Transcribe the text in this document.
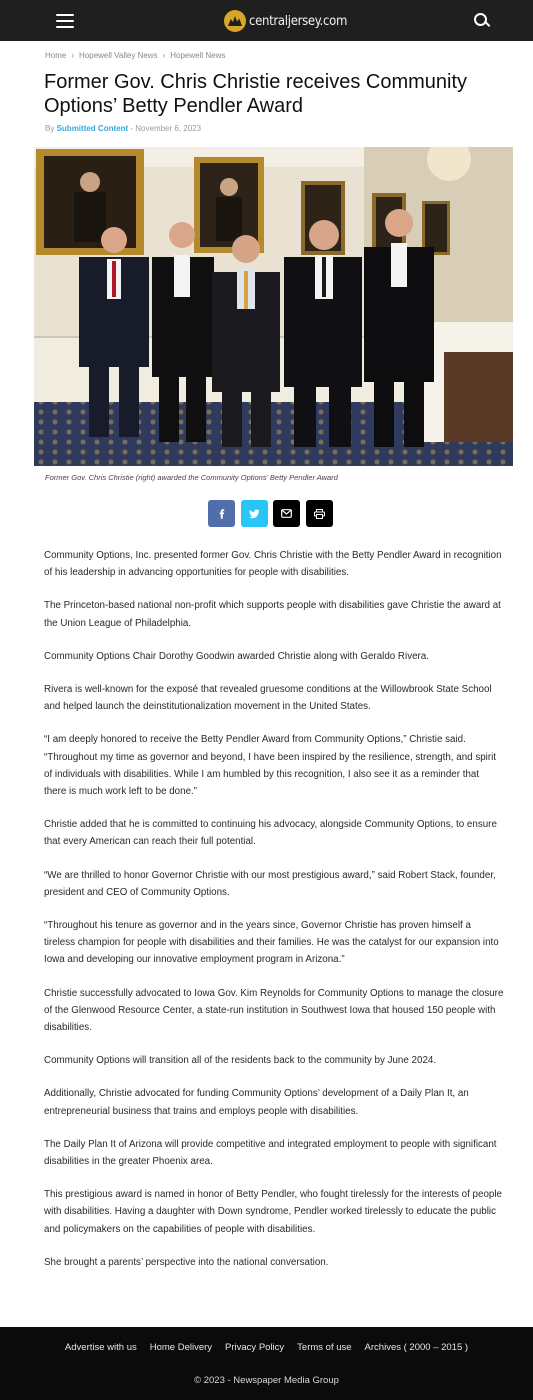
centraljersey.com
Home › Hopewell Valley News › Hopewell News
Former Gov. Chris Christie receives Community Options’ Betty Pendler Award
By Submitted Content - November 6, 2023
Former Gov. Chris Christie (right) awarded the Community Options’ Betty Pendler Award

Community Options, Inc. presented former Gov. Chris Christie with the Betty Pendler Award in recognition of his leadership in advancing opportunities for people with disabilities.

The Princeton-based national non-profit which supports people with disabilities gave Christie the award at the Union League of Philadelphia.

Community Options Chair Dorothy Goodwin awarded Christie along with Geraldo Rivera.

Rivera is well-known for the exposé that revealed gruesome conditions at the Willowbrook State School and helped launch the deinstitutionalization movement in the United States.

“I am deeply honored to receive the Betty Pendler Award from Community Options,” Christie said. “Throughout my time as governor and beyond, I have been inspired by the resilience, strength, and spirit of individuals with disabilities. While I am humbled by this recognition, I also see it as a reminder that there is much work left to be done.”

Christie added that he is committed to continuing his advocacy, alongside Community Options, to ensure that every American can reach their full potential.

“We are thrilled to honor Governor Christie with our most prestigious award,” said Robert Stack, founder, president and CEO of Community Options.

“Throughout his tenure as governor and in the years since, Governor Christie has proven himself a tireless champion for people with disabilities and their families. He was the catalyst for our expansion into Iowa and developing our innovative employment program in Arizona.”

Christie successfully advocated to Iowa Gov. Kim Reynolds for Community Options to manage the closure of the Glenwood Resource Center, a state-run institution in Southwest Iowa that housed 150 people with disabilities.

Community Options will transition all of the residents back to the community by June 2024.

Additionally, Christie advocated for funding Community Options’ development of a Daily Plan It, an entrepreneurial business that trains and employs people with disabilities.

The Daily Plan It of Arizona will provide competitive and integrated employment to people with significant disabilities in the greater Phoenix area.

This prestigious award is named in honor of Betty Pendler, who fought tirelessly for the interests of people with disabilities. Having a daughter with Down syndrome, Pendler worked tirelessly to educate the public and policymakers on the capabilities of people with disabilities.

She brought a parents’ perspective into the national conversation.

Advertise with us Home Delivery Privacy Policy Terms of use Archives ( 2000 – 2015 )
© 2023 - Newspaper Media Group
